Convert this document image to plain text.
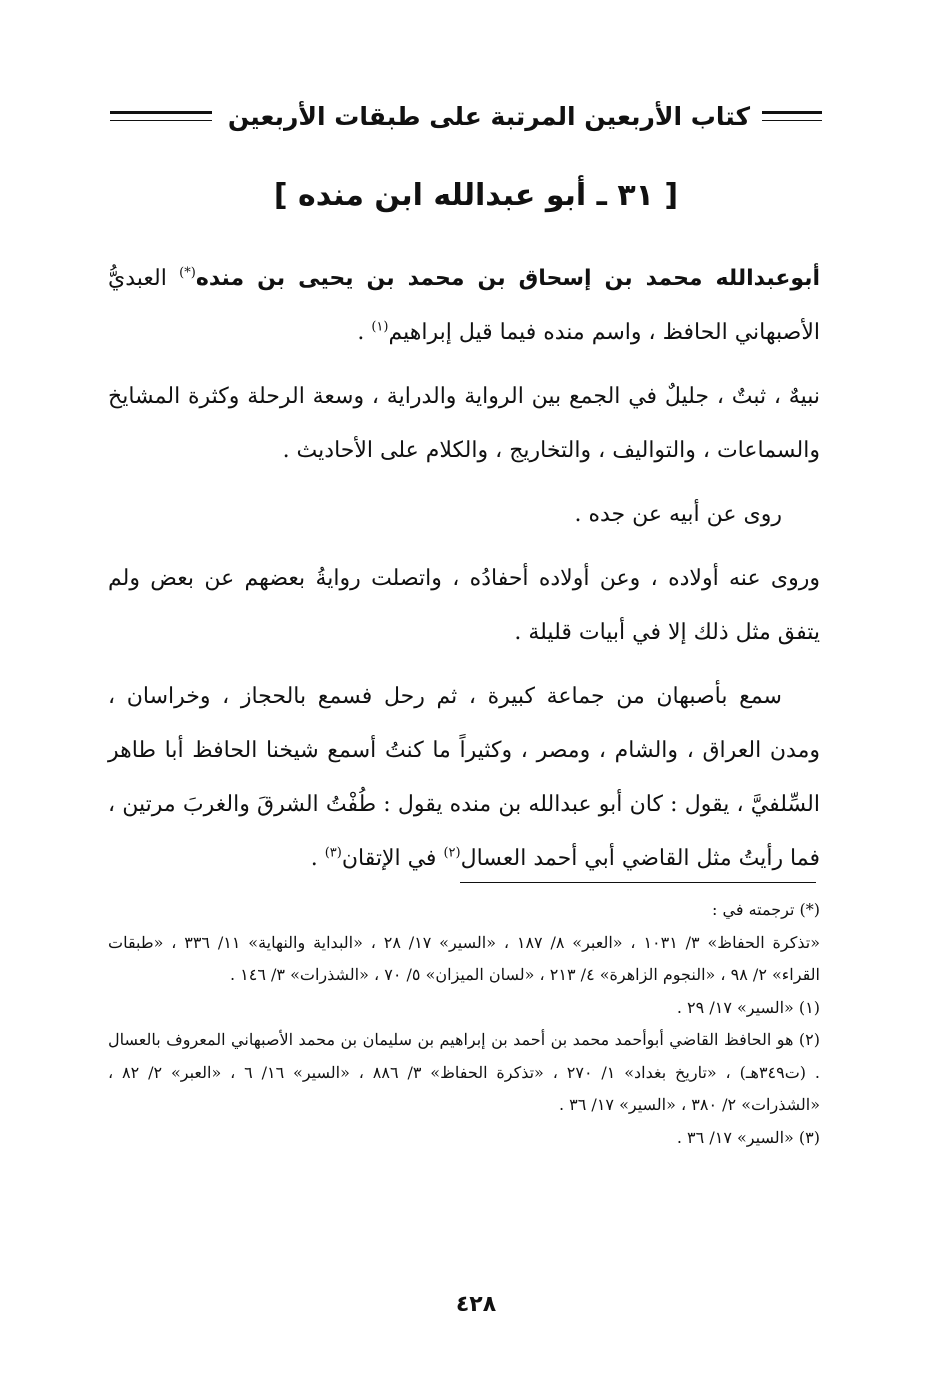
كتاب الأربعين المرتبة على طبقات الأربعين
[ ٣١ ـ أبو عبدالله ابن منده ]

أبوعبدالله محمد بن إسحاق بن محمد بن يحيى بن منده(*) العبديُّ الأصبهاني الحافظ ، واسم منده فيما قيل إبراهيم$^{(١)}$ .

نبيهٌ ، ثبتٌ ، جليلٌ في الجمع بين الرواية والدراية ، وسعة الرحلة وكثرة المشايخ والسماعات ، والتواليف ، والتخاريج ، والكلام على الأحاديث .

روى عن أبيه عن جده .

وروى عنه أولاده ، وعن أولاده أحفادُه ، واتصلت روايةُ بعضهم عن بعض ولم يتفق مثل ذلك إلا في أبيات قليلة .

سمع بأصبهان من جماعة كبيرة ، ثم رحل فسمع بالحجاز ، وخراسان ، ومدن العراق ، والشام ، ومصر ، وكثيراً ما كنتُ أسمع شيخنا الحافظ أبا طاهر السِّلفيَّ ، يقول : كان أبو عبدالله بن منده يقول : طُفْتُ الشرقَ والغربَ مرتين ، فما رأيتُ مثل القاضي أبي أحمد العسال$^{(٢)}$ في الإتقان$^{(٣)}$ .

(*) ترجمته في :

«تذكرة الحفاظ» ٣/ ١٠٣١ ، «العبر» ٨/ ١٨٧ ، «السير» ١٧/ ٢٨ ، «البداية والنهاية» ١١/ ٣٣٦ ، «طبقات القراء» ٢/ ٩٨ ، «النجوم الزاهرة» ٤/ ٢١٣ ، «لسان الميزان» ٥/ ٧٠ ، «الشذرات» ٣/ ١٤٦ .

(١) «السير» ١٧/ ٢٩ .

(٢) هو الحافظ القاضي أبوأحمد محمد بن أحمد بن إبراهيم بن سليمان بن محمد الأصبهاني المعروف بالعسال . (ت٣٤٩هـ) ، «تاريخ بغداد» ١/ ٢٧٠ ، «تذكرة الحفاظ» ٣/ ٨٨٦ ، «السير» ١٦/ ٦ ، «العبر» ٢/ ٨٢ ، «الشذرات» ٢/ ٣٨٠ ، «السير» ١٧/ ٣٦ .

(٣) «السير» ١٧/ ٣٦ .

٤٢٨
